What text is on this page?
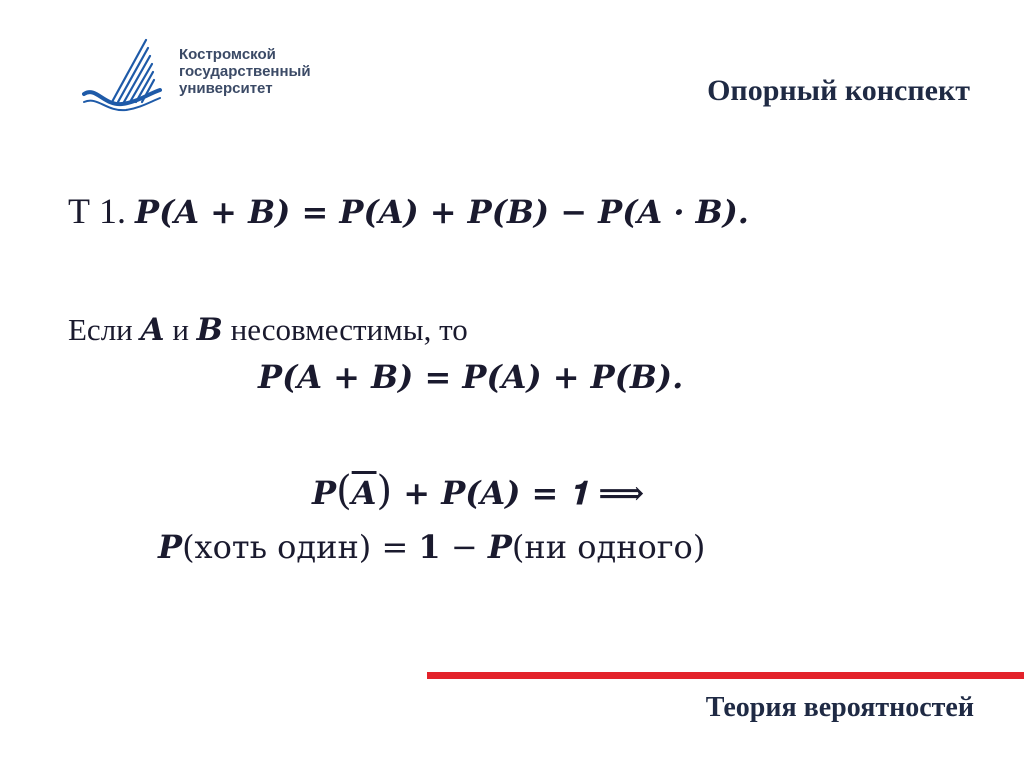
Костромской
государственный
университет	Опорный конспект
Т 1. 𝑷(𝑨 + 𝑩) = 𝑷(𝑨) + 𝑷(𝑩) − 𝑷(𝑨 · 𝑩).
Если 𝑨 и 𝑩 несовместимы, то
𝑷(𝑨 + 𝑩) = 𝑷(𝑨) + 𝑷(𝑩).
𝑷(𝑨) + 𝑷(𝑨) = 𝟏 ⟹
𝑷(хоть один) = 𝟏 − 𝑷(ни одного)
Теория вероятностей
